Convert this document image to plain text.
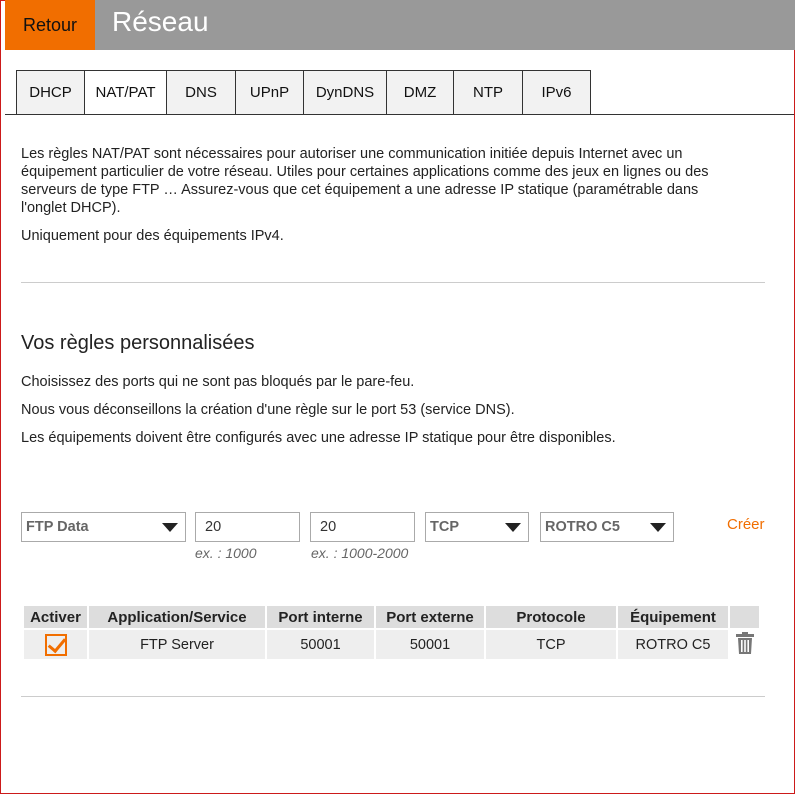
Retour	Réseau
DHCP	NAT/PAT	DNS	UPnP	DynDNS	DMZ	NTP	IPv6
Les règles NAT/PAT sont nécessaires pour autoriser une communication initiée depuis Internet avec un
équipement particulier de votre réseau. Utiles pour certaines applications comme des jeux en lignes ou des
serveurs de type FTP … Assurez-vous que cet équipement a une adresse IP statique (paramétrable dans
l'onglet DHCP).
Uniquement pour des équipements IPv4.
Vos règles personnalisées
Choisissez des ports qui ne sont pas bloqués par le pare-feu.
Nous vous déconseillons la création d'une règle sur le port 53 (service DNS).
Les équipements doivent être configurés avec une adresse IP statique pour être disponibles.
FTP Data	20
ex. : 1000
20
ex. : 1000-2000
TCP	ROTRO C5	Créer
Activer	Application/Service	Port interne	Port externe	Protocole	Équipement	
	FTP Server	50001	50001	TCP	ROTRO C5	
